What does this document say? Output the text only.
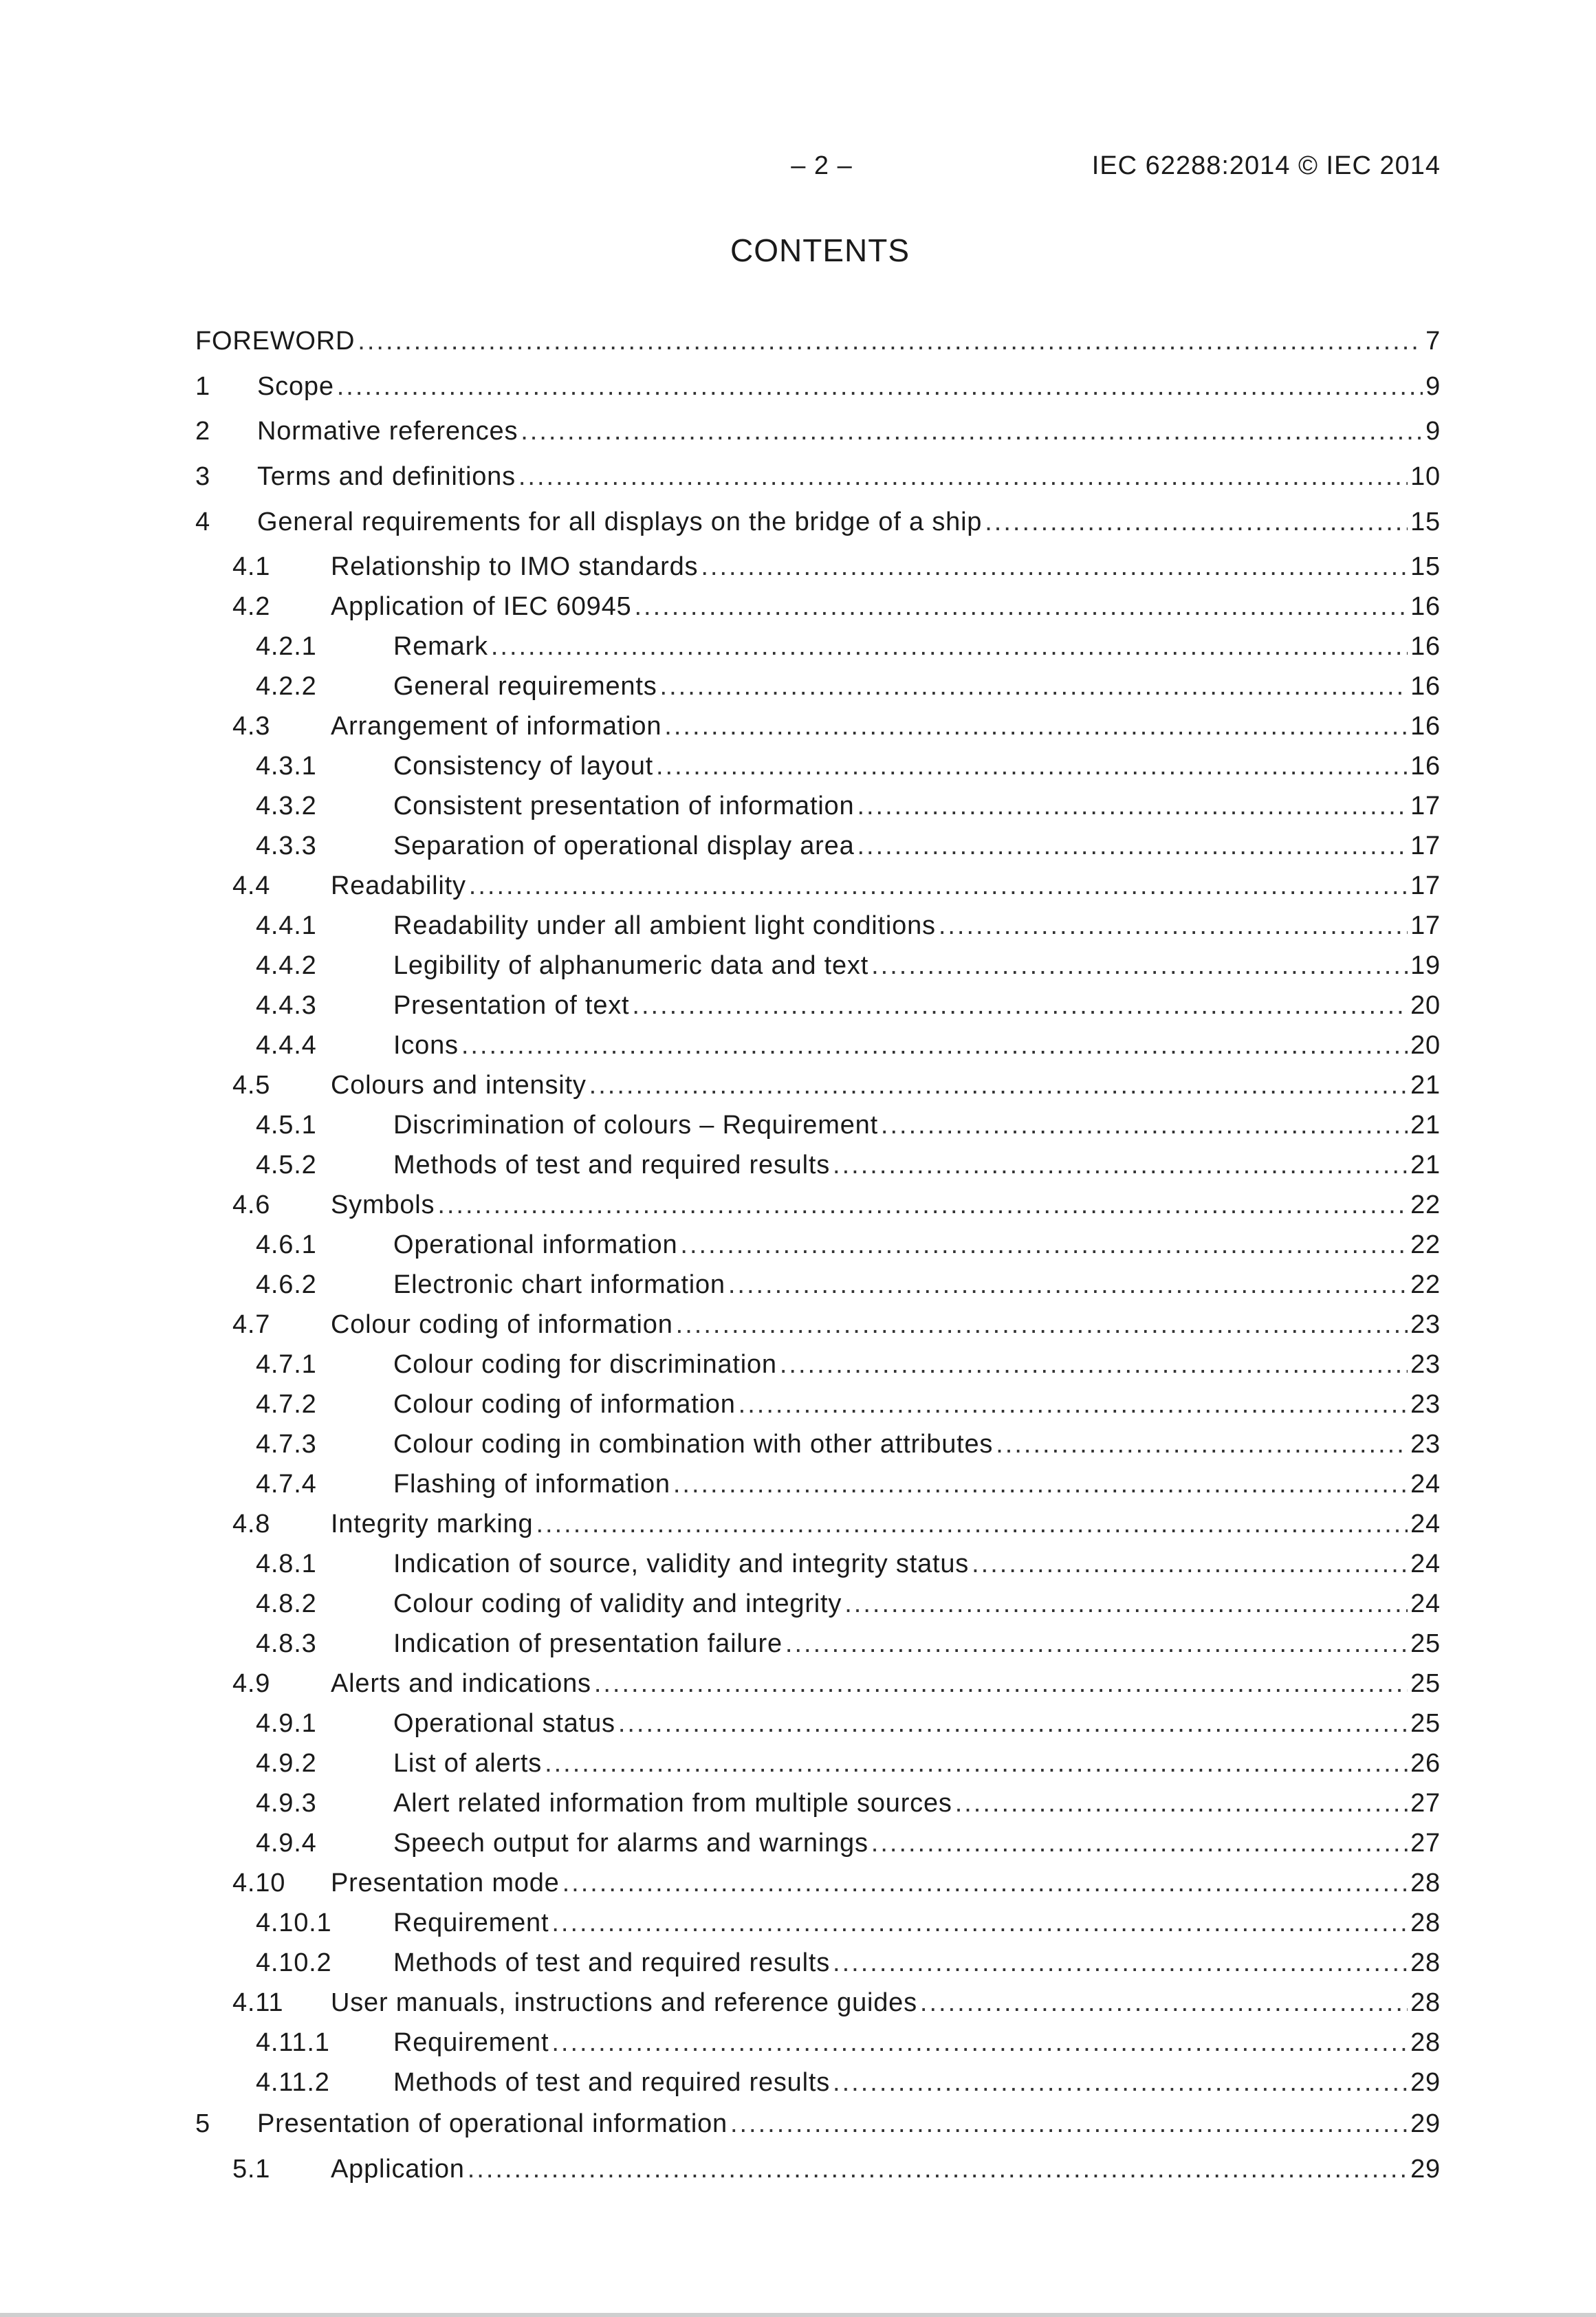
– 2 –	IEC 62288:2014 © IEC 2014
CONTENTS
FOREWORD .....	7
1 Scope .....	9
2 Normative references .....	9
3 Terms and definitions .....	10
4 General requirements for all displays on the bridge of a ship .....	15
4.1 Relationship to IMO standards .....	15
4.2 Application of IEC 60945 .....	16
4.2.1	Remark .....	16
4.2.2	General requirements .....	16
4.3 Arrangement of information .....	16
4.3.1	Consistency of layout .....	16
4.3.2	Consistent presentation of information .....	17
4.3.3	Separation of operational display area .....	17
4.4 Readability .....	17
4.4.1	Readability under all ambient light conditions .....	17
4.4.2	Legibility of alphanumeric data and text .....	19
4.4.3	Presentation of text .....	20
4.4.4	Icons .....	20
4.5 Colours and intensity .....	21
4.5.1	Discrimination of colours – Requirement .....	21
4.5.2	Methods of test and required results .....	21
4.6 Symbols .....	22
4.6.1	Operational information .....	22
4.6.2	Electronic chart information .....	22
4.7 Colour coding of information .....	23
4.7.1	Colour coding for discrimination .....	23
4.7.2	Colour coding of information .....	23
4.7.3	Colour coding in combination with other attributes .....	23
4.7.4	Flashing of information .....	24
4.8 Integrity marking .....	24
4.8.1	Indication of source, validity and integrity status .....	24
4.8.2	Colour coding of validity and integrity .....	24
4.8.3	Indication of presentation failure .....	25
4.9 Alerts and indications .....	25
4.9.1	Operational status .....	25
4.9.2	List of alerts .....	26
4.9.3	Alert related information from multiple sources .....	27
4.9.4	Speech output for alarms and warnings .....	27
4.10 Presentation mode .....	28
4.10.1 Requirement .....	28
4.10.2 Methods of test and required results .....	28
4.11 User manuals, instructions and reference guides .....	28
4.11.1 Requirement .....	28
4.11.2 Methods of test and required results .....	29
5 Presentation of operational information .....	29
5.1 Application .....	29
